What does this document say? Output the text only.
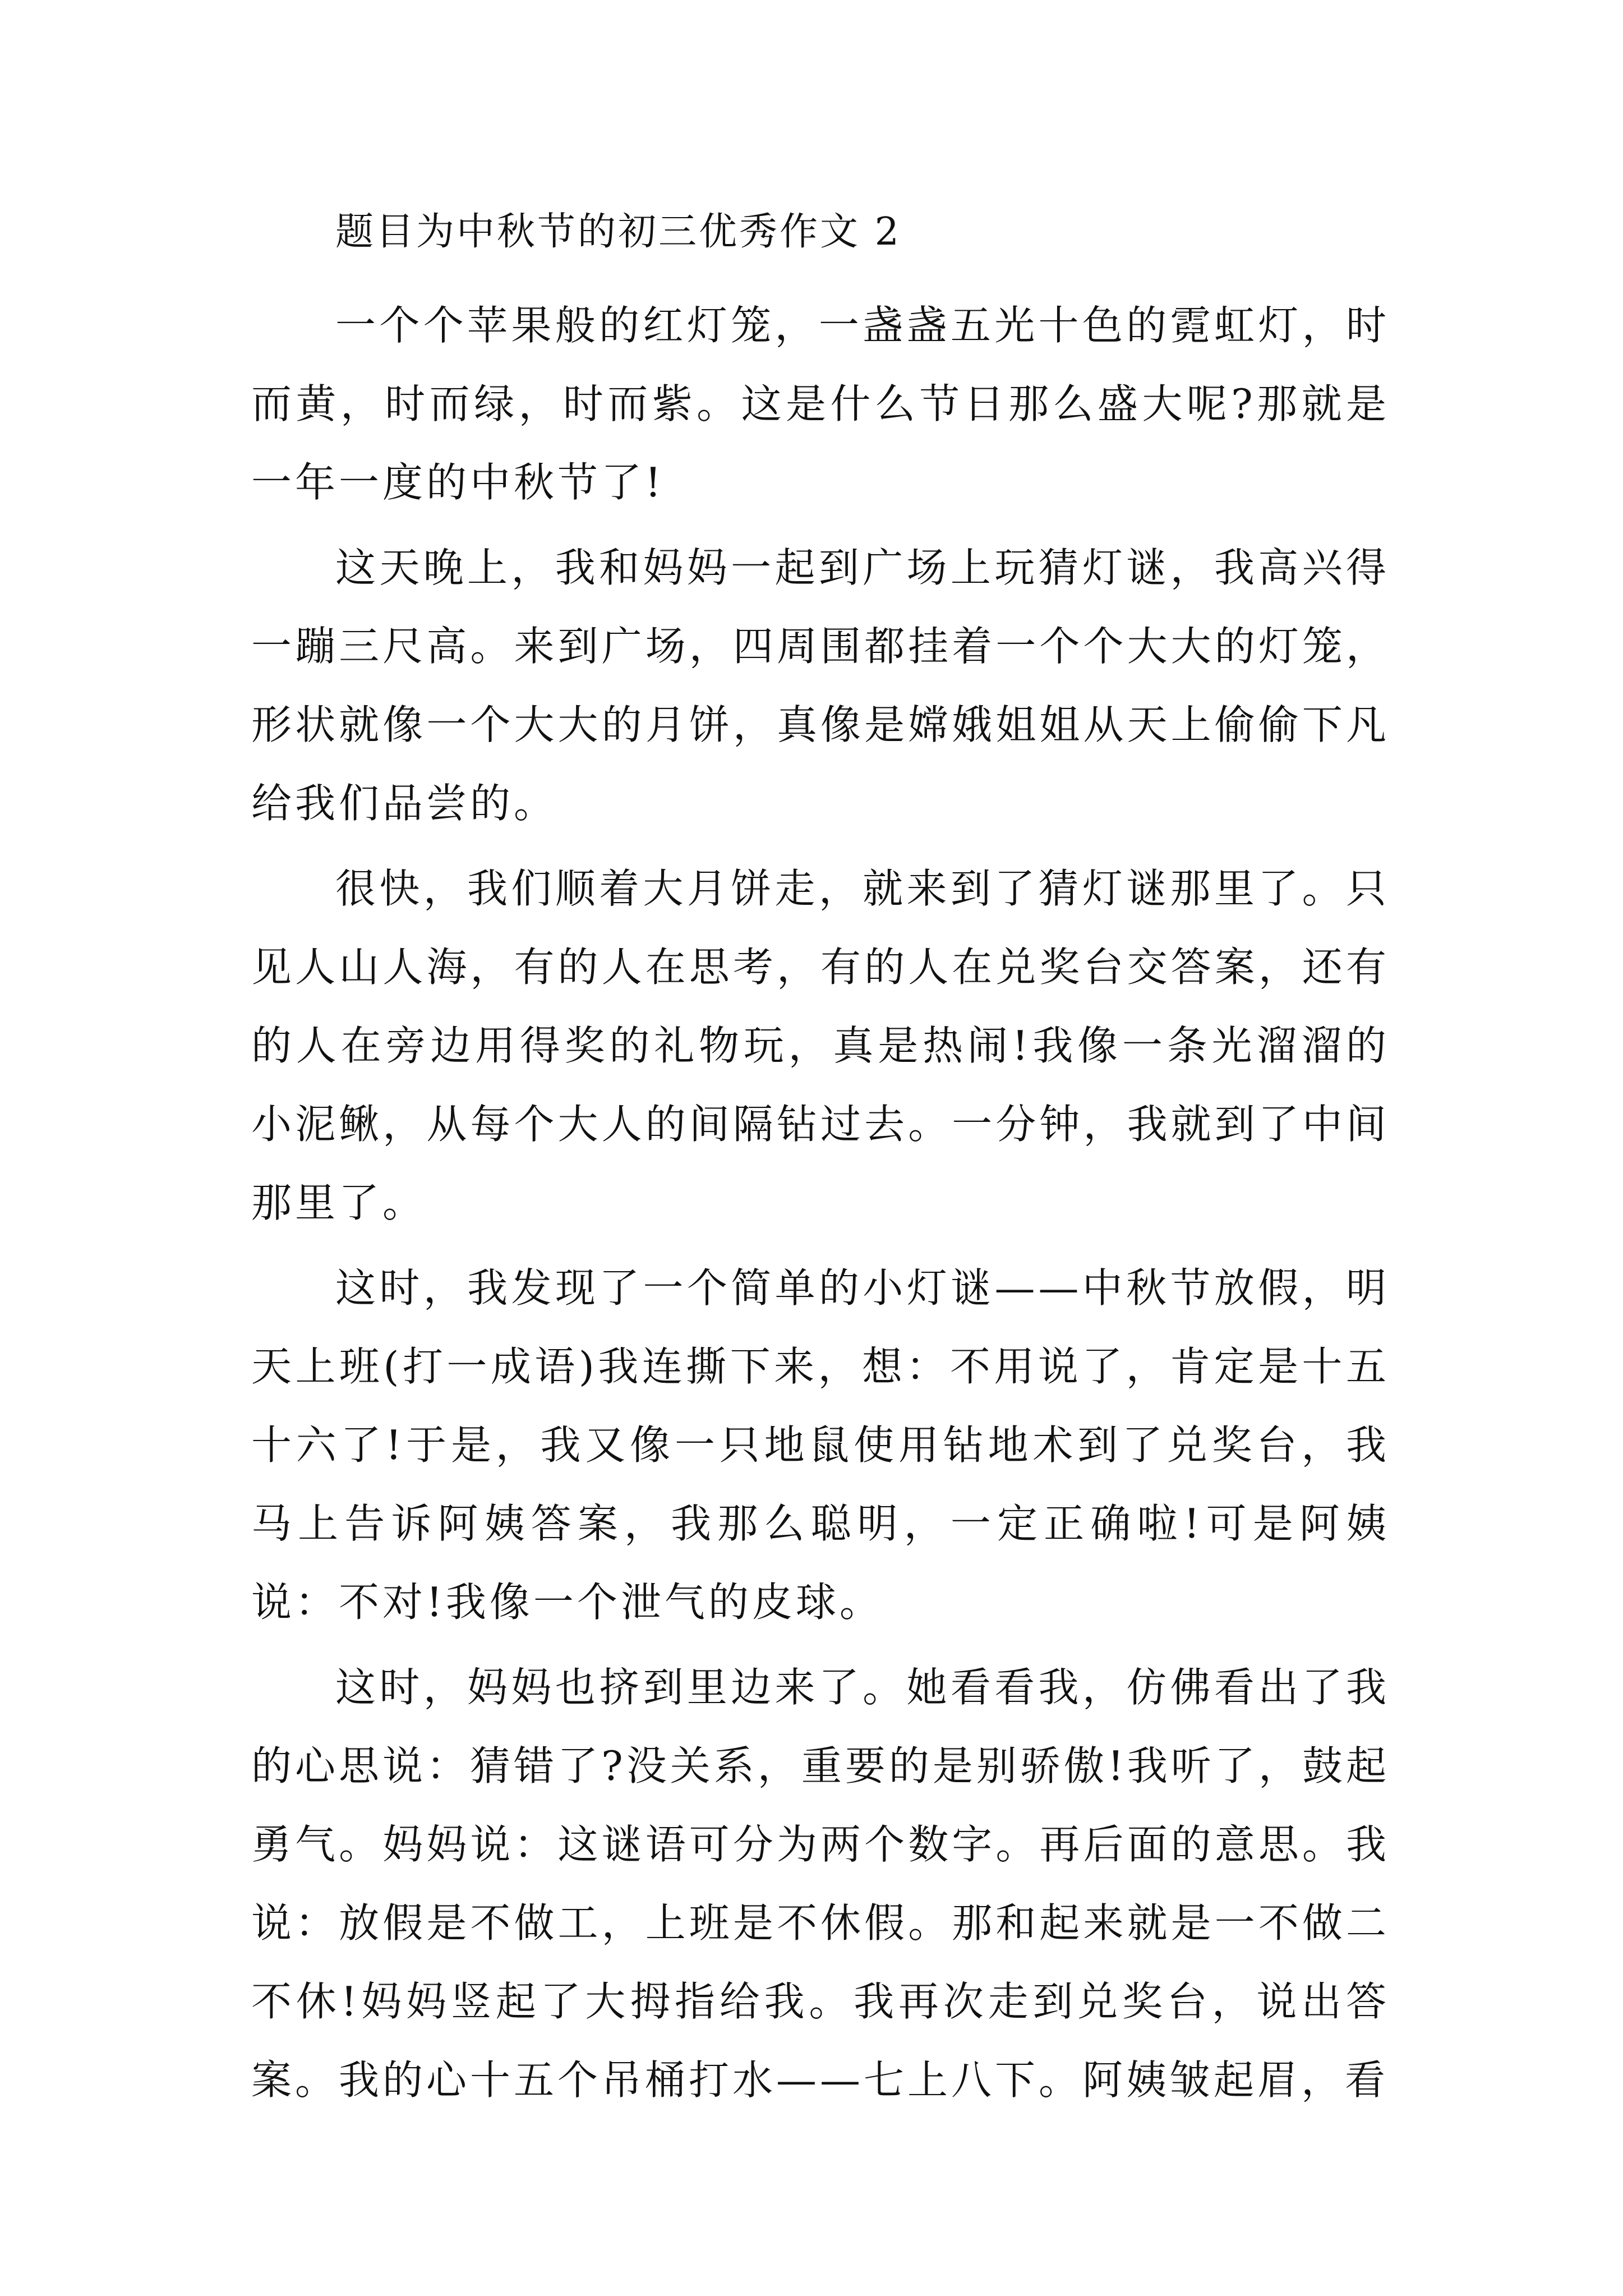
题目为中秋节的初三优秀作文 2

一个个苹果般的红灯笼，一盏盏五光十色的霓虹灯，时而黄，时而绿，时而紫。这是什么节日那么盛大呢?那就是一年一度的中秋节了!

这天晚上，我和妈妈一起到广场上玩猜灯谜，我高兴得一蹦三尺高。来到广场，四周围都挂着一个个大大的灯笼，形状就像一个大大的月饼，真像是嫦娥姐姐从天上偷偷下凡给我们品尝的。

很快，我们顺着大月饼走，就来到了猜灯谜那里了。只见人山人海，有的人在思考，有的人在兑奖台交答案，还有的人在旁边用得奖的礼物玩，真是热闹!我像一条光溜溜的小泥鳅，从每个大人的间隔钻过去。一分钟，我就到了中间那里了。

这时，我发现了一个简单的小灯谜——中秋节放假，明天上班(打一成语)我连撕下来，想：不用说了，肯定是十五十六了!于是，我又像一只地鼠使用钻地术到了兑奖台，我马上告诉阿姨答案，我那么聪明，一定正确啦!可是阿姨说：不对!我像一个泄气的皮球。

这时，妈妈也挤到里边来了。她看看我，仿佛看出了我的心思说：猜错了?没关系，重要的是别骄傲!我听了，鼓起勇气。妈妈说：这谜语可分为两个数字。再后面的意思。我说：放假是不做工，上班是不休假。那和起来就是一不做二不休!妈妈竖起了大拇指给我。我再次走到兑奖台，说出答案。我的心十五个吊桶打水——七上八下。阿姨皱起眉，看
